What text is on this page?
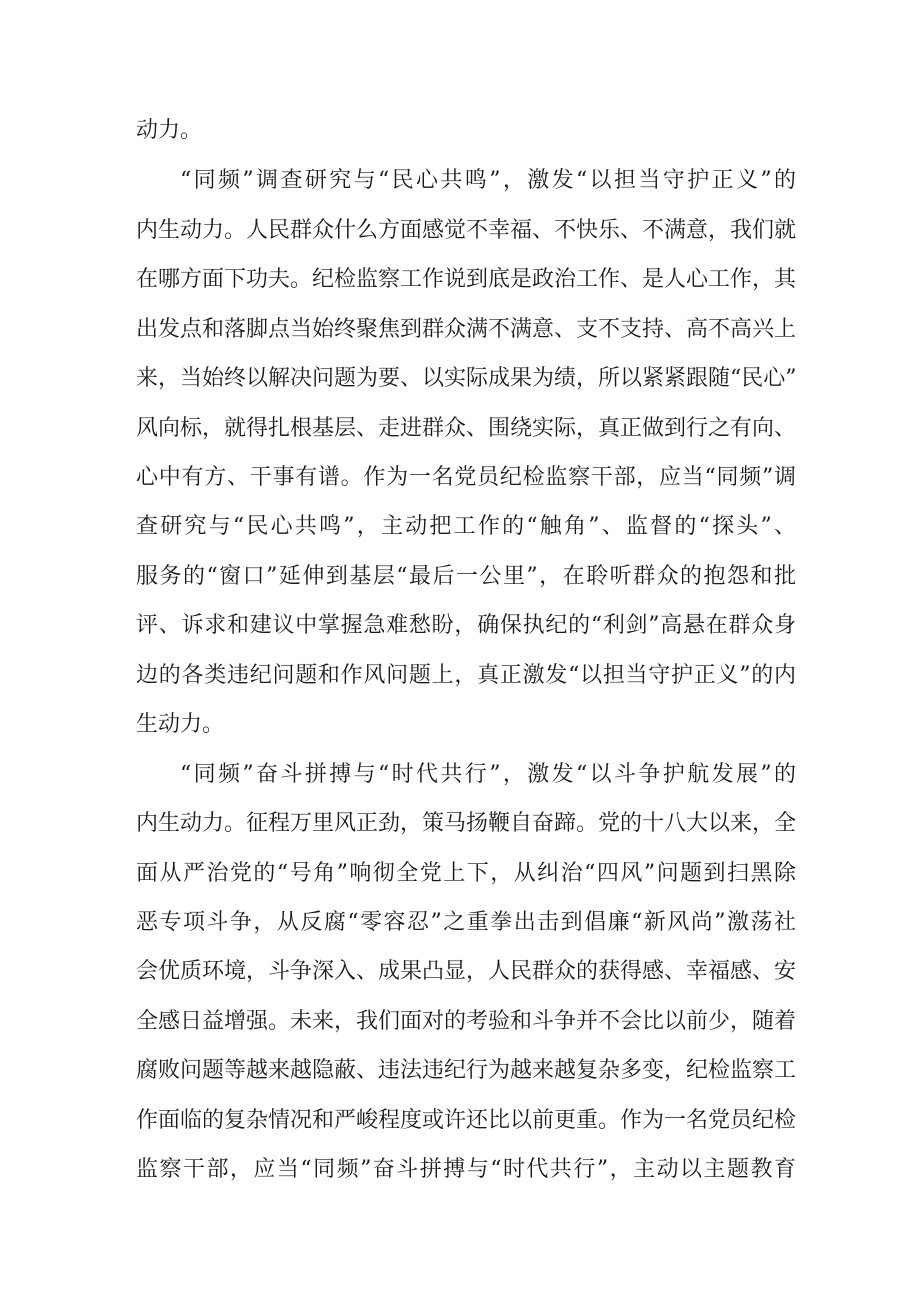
动力。
“同频”调查研究与“民心共鸣”，激发“以担当守护正义”的
内生动力。人民群众什么方面感觉不幸福、不快乐、不满意，我们就
在哪方面下功夫。纪检监察工作说到底是政治工作、是人心工作，其
出发点和落脚点当始终聚焦到群众满不满意、支不支持、高不高兴上
来，当始终以解决问题为要、以实际成果为绩，所以紧紧跟随“民心”
风向标，就得扎根基层、走进群众、围绕实际，真正做到行之有向、
心中有方、干事有谱。作为一名党员纪检监察干部，应当“同频”调
查研究与“民心共鸣”，主动把工作的“触角”、监督的“探头”、
服务的“窗口”延伸到基层“最后一公里”，在聆听群众的抱怨和批
评、诉求和建议中掌握急难愁盼，确保执纪的“利剑”高悬在群众身
边的各类违纪问题和作风问题上，真正激发“以担当守护正义”的内
生动力。
“同频”奋斗拼搏与“时代共行”，激发“以斗争护航发展”的
内生动力。征程万里风正劲，策马扬鞭自奋蹄。党的十八大以来，全
面从严治党的“号角”响彻全党上下，从纠治“四风”问题到扫黑除
恶专项斗争，从反腐“零容忍”之重拳出击到倡廉“新风尚”激荡社
会优质环境，斗争深入、成果凸显，人民群众的获得感、幸福感、安
全感日益增强。未来，我们面对的考验和斗争并不会比以前少，随着
腐败问题等越来越隐蔽、违法违纪行为越来越复杂多变，纪检监察工
作面临的复杂情况和严峻程度或许还比以前更重。作为一名党员纪检
监察干部，应当“同频”奋斗拼搏与“时代共行”，主动以主题教育
